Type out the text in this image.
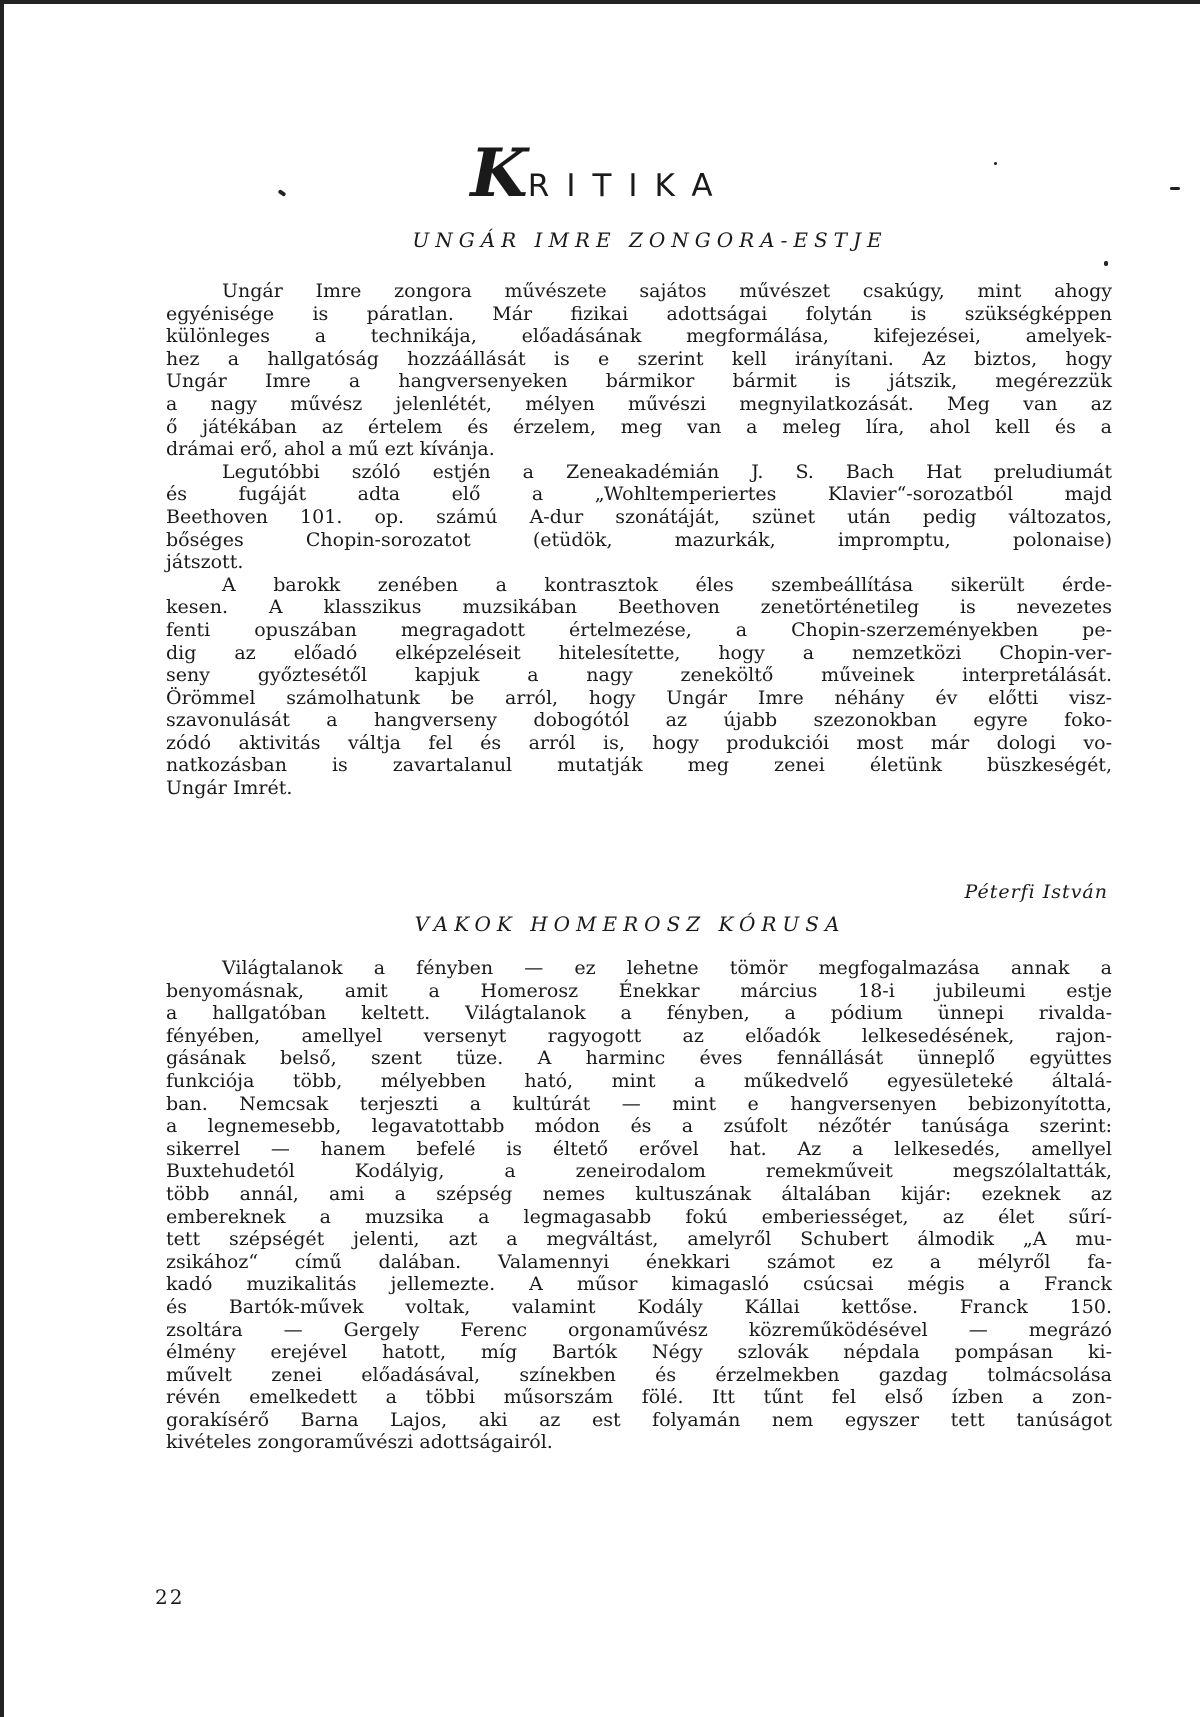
KRITIKA
UNGÁR IMRE ZONGORA-ESTJE
Ungár Imre zongora művészete sajátos művészet csakúgy, mint ahogy
egyénisége is páratlan. Már fizikai adottságai folytán is szükségképpen
különleges a technikája, előadásának megformálása, kifejezései, amelyek-
hez a hallgatóság hozzáállását is e szerint kell irányítani. Az biztos, hogy
Ungár Imre a hangversenyeken bármikor bármit is játszik, megérezzük
a nagy művész jelenlétét, mélyen művészi megnyilatkozását. Meg van az
ő játékában az értelem és érzelem, meg van a meleg líra, ahol kell és a
drámai erő, ahol a mű ezt kívánja.
Legutóbbi szóló estjén a Zeneakadémián J. S. Bach Hat preludiumát
és fugáját adta elő a „Wohltemperiertes Klavier“-sorozatból majd
Beethoven 101. op. számú A-dur szonátáját, szünet után pedig változatos,
bőséges Chopin-sorozatot (etüdök, mazurkák, impromptu, polonaise)
játszott.
A barokk zenében a kontrasztok éles szembeállítása sikerült érde-
kesen. A klasszikus muzsikában Beethoven zenetörténetileg is nevezetes
fenti opuszában megragadott értelmezése, a Chopin-szerzeményekben pe-
dig az előadó elképzeléseit hitelesítette, hogy a nemzetközi Chopin-ver-
seny győztesétől kapjuk a nagy zeneköltő műveinek interpretálását.
Örömmel számolhatunk be arról, hogy Ungár Imre néhány év előtti visz-
szavonulását a hangverseny dobogótól az újabb szezonokban egyre foko-
zódó aktivitás váltja fel és arról is, hogy produkciói most már dologi vo-
natkozásban is zavartalanul mutatják meg zenei életünk büszkeségét,
Ungár Imrét.
Péterfi István
VAKOK HOMEROSZ KÓRUSA
Világtalanok a fényben — ez lehetne tömör megfogalmazása annak a
benyomásnak, amit a Homerosz Énekkar március 18-i jubileumi estje
a hallgatóban keltett. Világtalanok a fényben, a pódium ünnepi rivalda-
fényében, amellyel versenyt ragyogott az előadók lelkesedésének, rajon-
gásának belső, szent tüze. A harminc éves fennállását ünneplő együttes
funkciója több, mélyebben ható, mint a műkedvelő egyesületeké általá-
ban. Nemcsak terjeszti a kultúrát — mint e hangversenyen bebizonyította,
a legnemesebb, legavatottabb módon és a zsúfolt nézőtér tanúsága szerint:
sikerrel — hanem befelé is éltető erővel hat. Az a lelkesedés, amellyel
Buxtehudetól Kodályig, a zeneirodalom remekműveit megszólaltatták,
több annál, ami a szépség nemes kultuszának általában kijár: ezeknek az
embereknek a muzsika a legmagasabb fokú emberiességet, az élet sűrí-
tett szépségét jelenti, azt a megváltást, amelyről Schubert álmodik „A mu-
zsikához“ című dalában. Valamennyi énekkari számot ez a mélyről fa-
kadó muzikalitás jellemezte. A műsor kimagasló csúcsai mégis a Franck
és Bartók-művek voltak, valamint Kodály Kállai kettőse. Franck 150.
zsoltára — Gergely Ferenc orgonaművész közreműködésével — megrázó
élmény erejével hatott, míg Bartók Négy szlovák népdala pompásan ki-
művelt zenei előadásával, színekben és érzelmekben gazdag tolmácsolása
révén emelkedett a többi műsorszám fölé. Itt tűnt fel első ízben a zon-
gorakísérő Barna Lajos, aki az est folyamán nem egyszer tett tanúságot
kivételes zongoraművészi adottságairól.
22
